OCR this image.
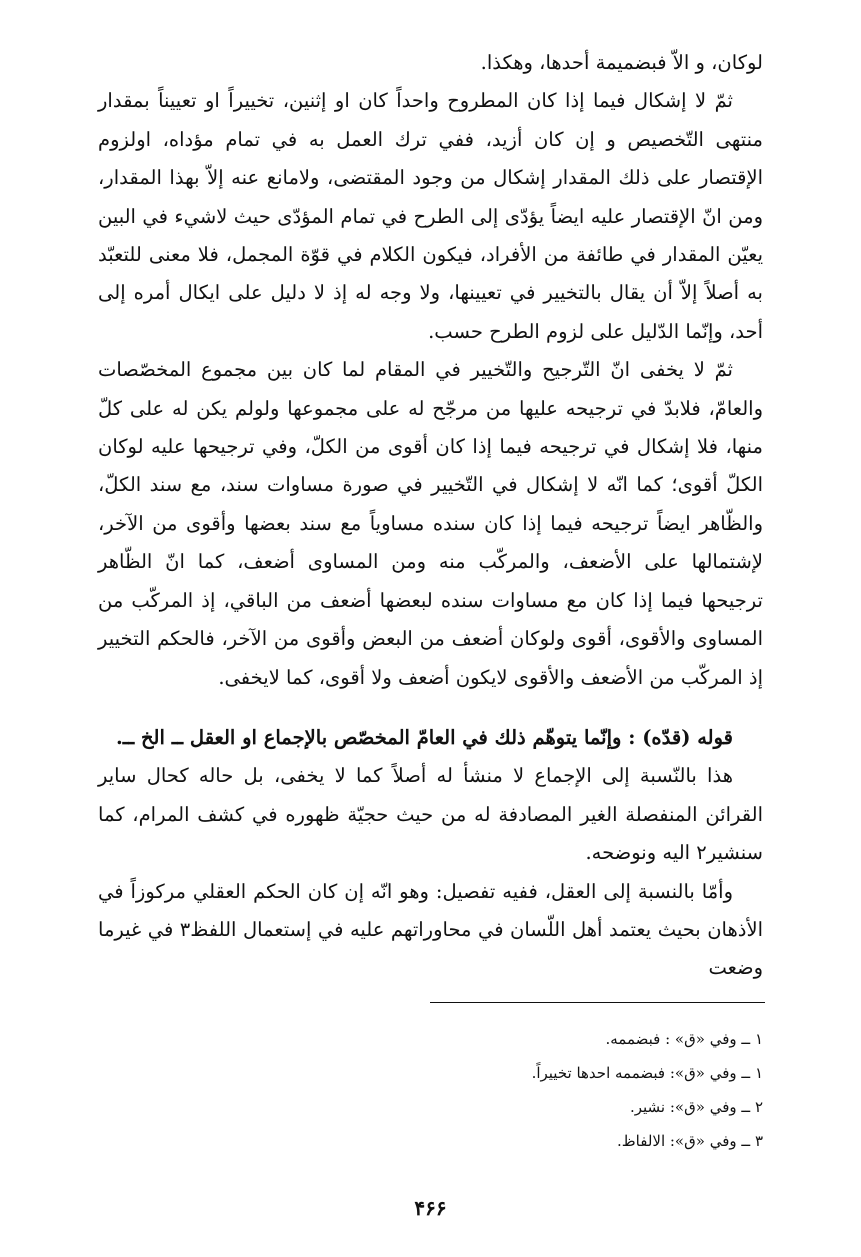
لوكان، و الاّ فبضميمة أحدها، وهكذا.

ثمّ لا إشكال فيما إذا كان المطروح واحداً كان او إثنين، تخييراً او تعييناً بمقدار منتهى التّخصيص و إن كان أزيد، ففي ترك العمل به في تمام مؤداه، اولزوم الإقتصار على ذلك المقدار إشكال من وجود المقتضى، ولامانع عنه إلاّ بهذا المقدار، ومن انّ الإقتصار عليه ايضاً يؤدّى إلى الطرح في تمام المؤدّى حيث لاشيء في البين يعيّن المقدار في طائفة من الأفراد، فيكون الكلام في قوّة المجمل، فلا معنى للتعبّد به أصلاً إلاّ أن يقال بالتخيير في تعيينها، ولا وجه له إذ لا دليل على ايكال أمره إلى أحد، وإنّما الدّليل على لزوم الطرح حسب.

ثمّ لا يخفى انّ التّرجيح والتّخيير في المقام لما كان بين مجموع المخصّصات والعامّ، فلابدّ في ترجيحه عليها من مرجّح له على مجموعها ولولم يكن له على كلّ منها، فلا إشكال في ترجيحه فيما إذا كان أقوى من الكلّ، وفي ترجيحها عليه لوكان الكلّ أقوى؛ كما انّه لا إشكال في التّخيير في صورة مساوات سند، مع سند الكلّ، والظّاهر ايضاً ترجيحه فيما إذا كان سنده مساوياً مع سند بعضها وأقوى من الآخر، لإشتمالها على الأضعف، والمركّب منه ومن المساوى أضعف، كما انّ الظّاهر ترجيحها فيما إذا كان مع مساوات سنده لبعضها أضعف من الباقي، إذ المركّب من المساوى والأقوى، أقوى ولوكان أضعف من البعض وأقوى من الآخر، فالحكم التخيير إذ المركّب من الأضعف والأقوى لايكون أضعف ولا أقوى، كما لايخفى.

قوله (قدّه) : وإنّما يتوهّم ذلك في العامّ المخصّص بالإجماع او العقل ــ الخ ــ.

هذا بالنّسبة إلى الإجماع لا منشأ له أصلاً كما لا يخفى، بل حاله كحال ساير القرائن المنفصلة الغير المصادفة له من حيث حجيّة ظهوره في كشف المرام، كما سنشير٢ اليه ونوضحه.

وأمّا بالنسبة إلى العقل، ففيه تفصيل: وهو انّه إن كان الحكم العقلي مركوزاً في الأذهان بحيث يعتمد أهل اللّسان في محاوراتهم عليه في إستعمال اللفظ٣ في غيرما وضعت

١ ــ وفي «ق» : فبضممه.

١ ــ وفي «ق»: فبضممه احدها تخييراً.

٢ ــ وفي «ق»: نشير.

٣ ــ وفي «ق»: الالفاظ.

۴۶۶
